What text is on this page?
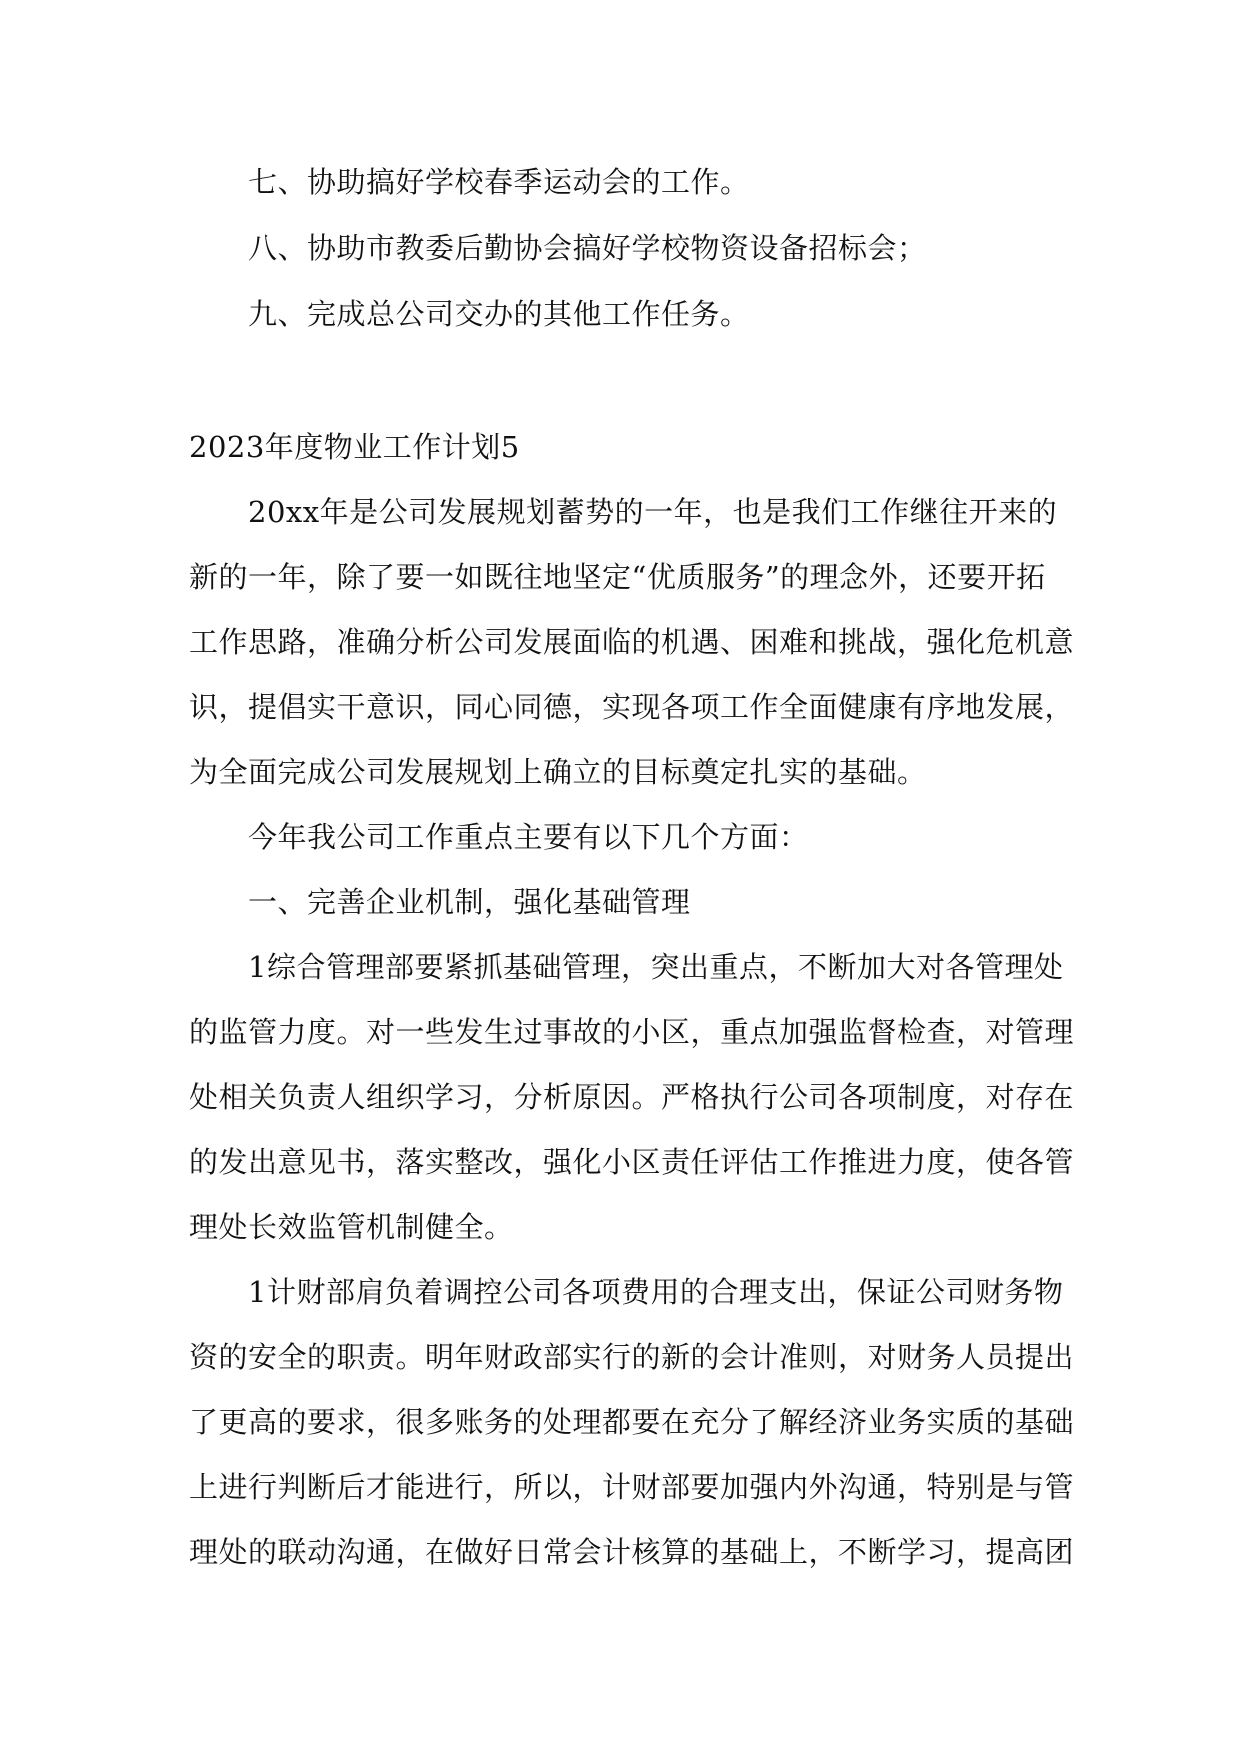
七、协助搞好学校春季运动会的工作。
八、协助市教委后勤协会搞好学校物资设备招标会；
九、完成总公司交办的其他工作任务。
2023年度物业工作计划5
20xx年是公司发展规划蓄势的一年，也是我们工作继往开来的
新的一年，除了要一如既往地坚定“优质服务”的理念外，还要开拓
工作思路，准确分析公司发展面临的机遇、困难和挑战，强化危机意
识，提倡实干意识，同心同德，实现各项工作全面健康有序地发展，
为全面完成公司发展规划上确立的目标奠定扎实的基础。
今年我公司工作重点主要有以下几个方面：
一、完善企业机制，强化基础管理
1综合管理部要紧抓基础管理，突出重点，不断加大对各管理处
的监管力度。对一些发生过事故的小区，重点加强监督检查，对管理
处相关负责人组织学习，分析原因。严格执行公司各项制度，对存在
的发出意见书，落实整改，强化小区责任评估工作推进力度，使各管
理处长效监管机制健全。
1计财部肩负着调控公司各项费用的合理支出，保证公司财务物
资的安全的职责。明年财政部实行的新的会计准则，对财务人员提出
了更高的要求，很多账务的处理都要在充分了解经济业务实质的基础
上进行判断后才能进行，所以，计财部要加强内外沟通，特别是与管
理处的联动沟通，在做好日常会计核算的基础上，不断学习，提高团
